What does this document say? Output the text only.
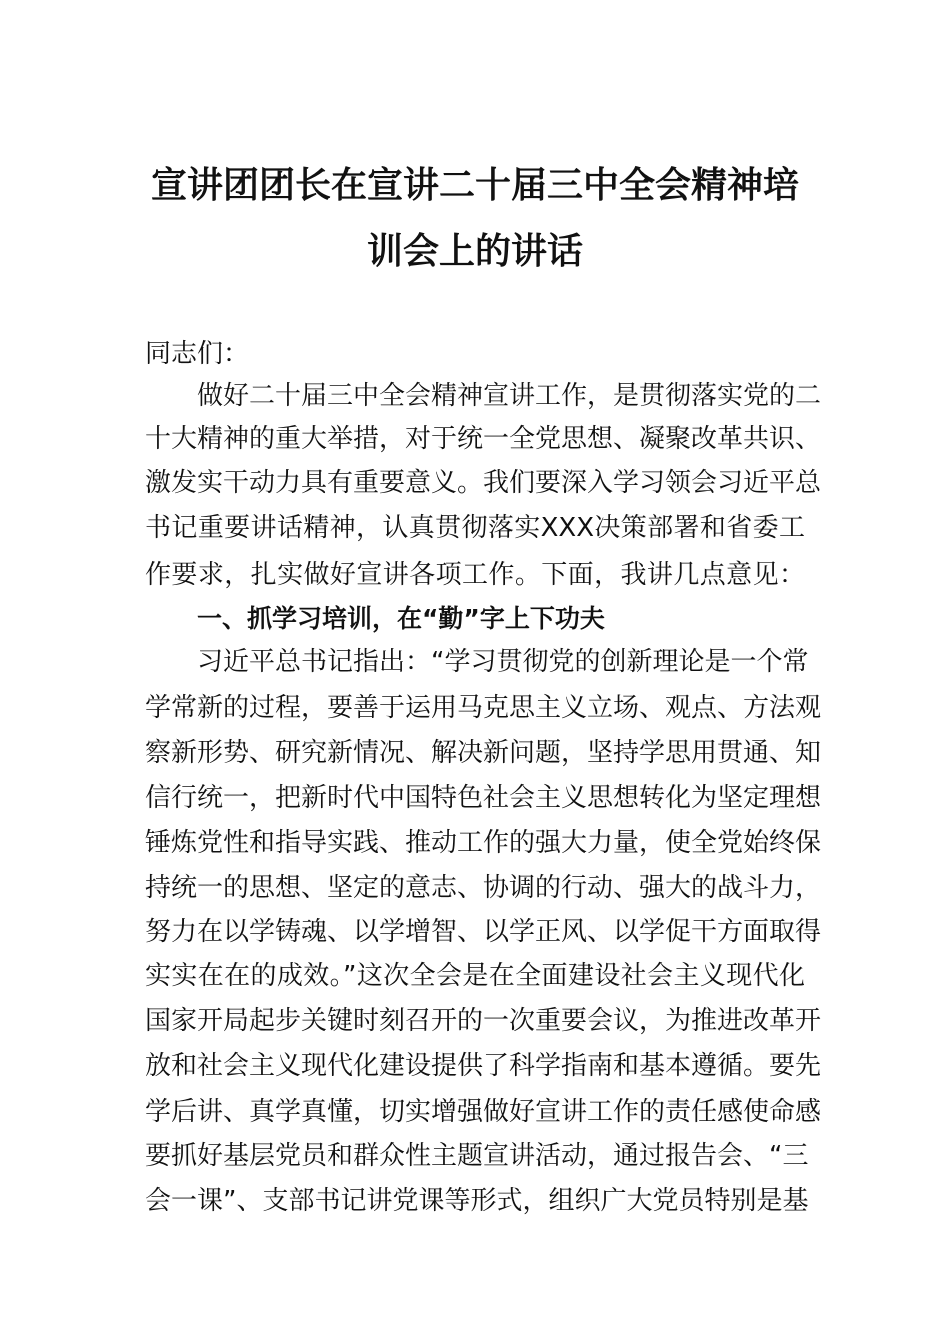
宣讲团团长在宣讲二十届三中全会精神培
训会上的讲话
同志们：
做好二十届三中全会精神宣讲工作，是贯彻落实党的二
十大精神的重大举措，对于统一全党思想、凝聚改革共识、
激发实干动力具有重要意义。我们要深入学习领会习近平总
书记重要讲话精神，认真贯彻落实XXX决策部署和省委工
作要求，扎实做好宣讲各项工作。下面，我讲几点意见：
一、抓学习培训，在“勤”字上下功夫
习近平总书记指出：“学习贯彻党的创新理论是一个常
学常新的过程，要善于运用马克思主义立场、观点、方法观
察新形势、研究新情况、解决新问题，坚持学思用贯通、知
信行统一，把新时代中国特色社会主义思想转化为坚定理想
锤炼党性和指导实践、推动工作的强大力量，使全党始终保
持统一的思想、坚定的意志、协调的行动、强大的战斗力，
努力在以学铸魂、以学增智、以学正风、以学促干方面取得
实实在在的成效。”这次全会是在全面建设社会主义现代化
国家开局起步关键时刻召开的一次重要会议，为推进改革开
放和社会主义现代化建设提供了科学指南和基本遵循。要先
学后讲、真学真懂，切实增强做好宣讲工作的责任感使命感
要抓好基层党员和群众性主题宣讲活动，通过报告会、“三
会一课”、支部书记讲党课等形式，组织广大党员特别是基
